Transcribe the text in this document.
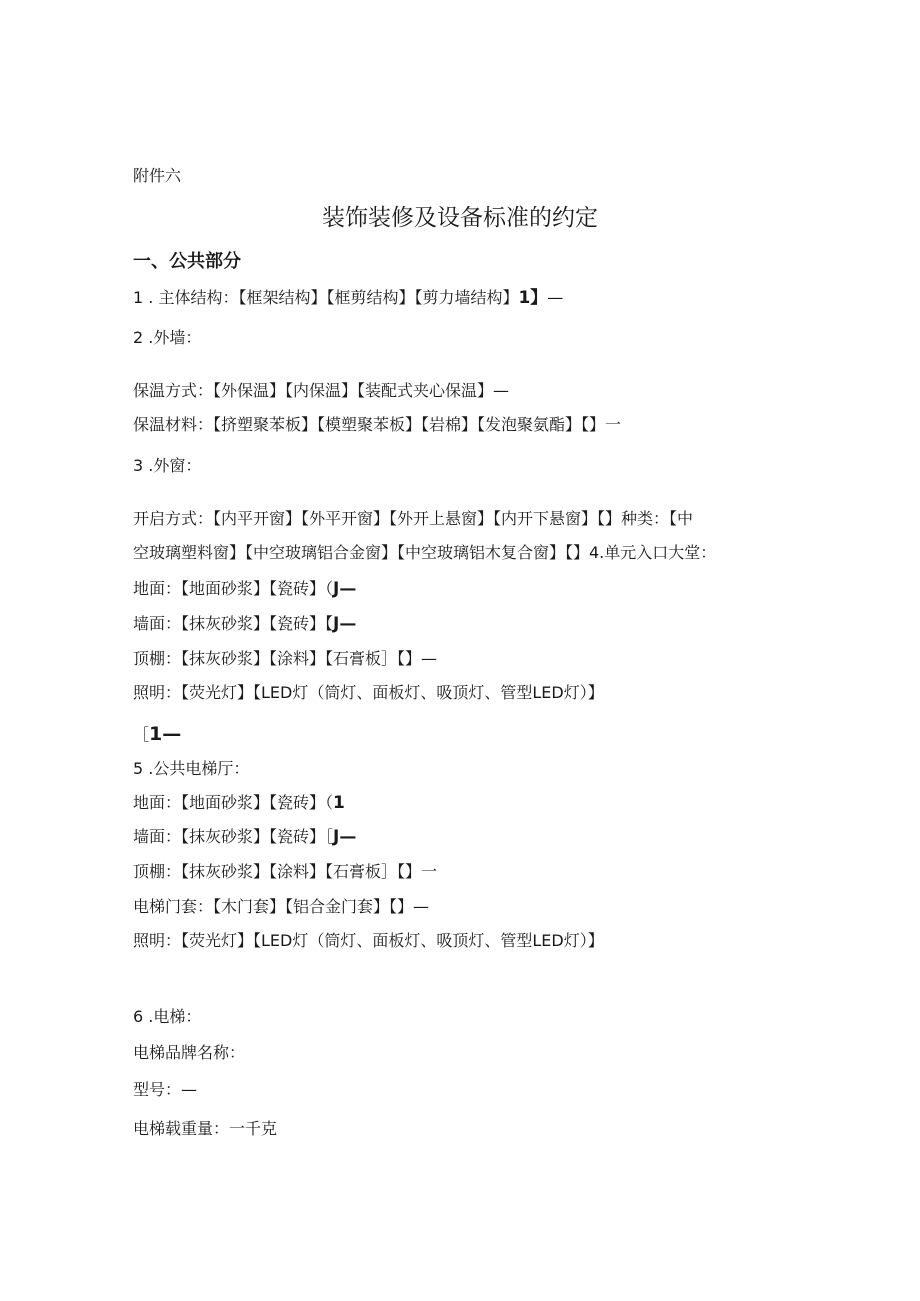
附件六

装饰装修及设备标准的约定

一、公共部分

1 . 主体结构：【框架结构】【框剪结构】【剪力墙结构】1】—

2 .外墙：

保温方式：【外保温】【内保温】【装配式夹心保温】—

保温材料：【挤塑聚苯板】【模塑聚苯板】【岩棉】【发泡聚氨酯】【】一

3 .外窗：

开启方式：【内平开窗】【外平开窗】【外开上悬窗】【内开下悬窗】【】种类：【中

空玻璃塑料窗】【中空玻璃铝合金窗】【中空玻璃铝木复合窗】【】4.单元入口大堂：

地面：【地面砂浆】【瓷砖】（J—

墙面：【抹灰砂浆】【瓷砖】【J—

顶棚：【抹灰砂浆】【涂料】【石膏板］【】—

照明：【荧光灯】【LED灯（筒灯、面板灯、吸顶灯、管型LED灯）】

［1—

5 .公共电梯厅：

地面：【地面砂浆】【瓷砖】（1

墙面：【抹灰砂浆】【瓷砖】［J—

顶棚：【抹灰砂浆】【涂料】【石膏板］【】一

电梯门套：【木门套】【铝合金门套】【】—

照明：【荧光灯】【LED灯（筒灯、面板灯、吸顶灯、管型LED灯）】

6 .电梯：

电梯品牌名称：

型号：—

电梯载重量：一千克
